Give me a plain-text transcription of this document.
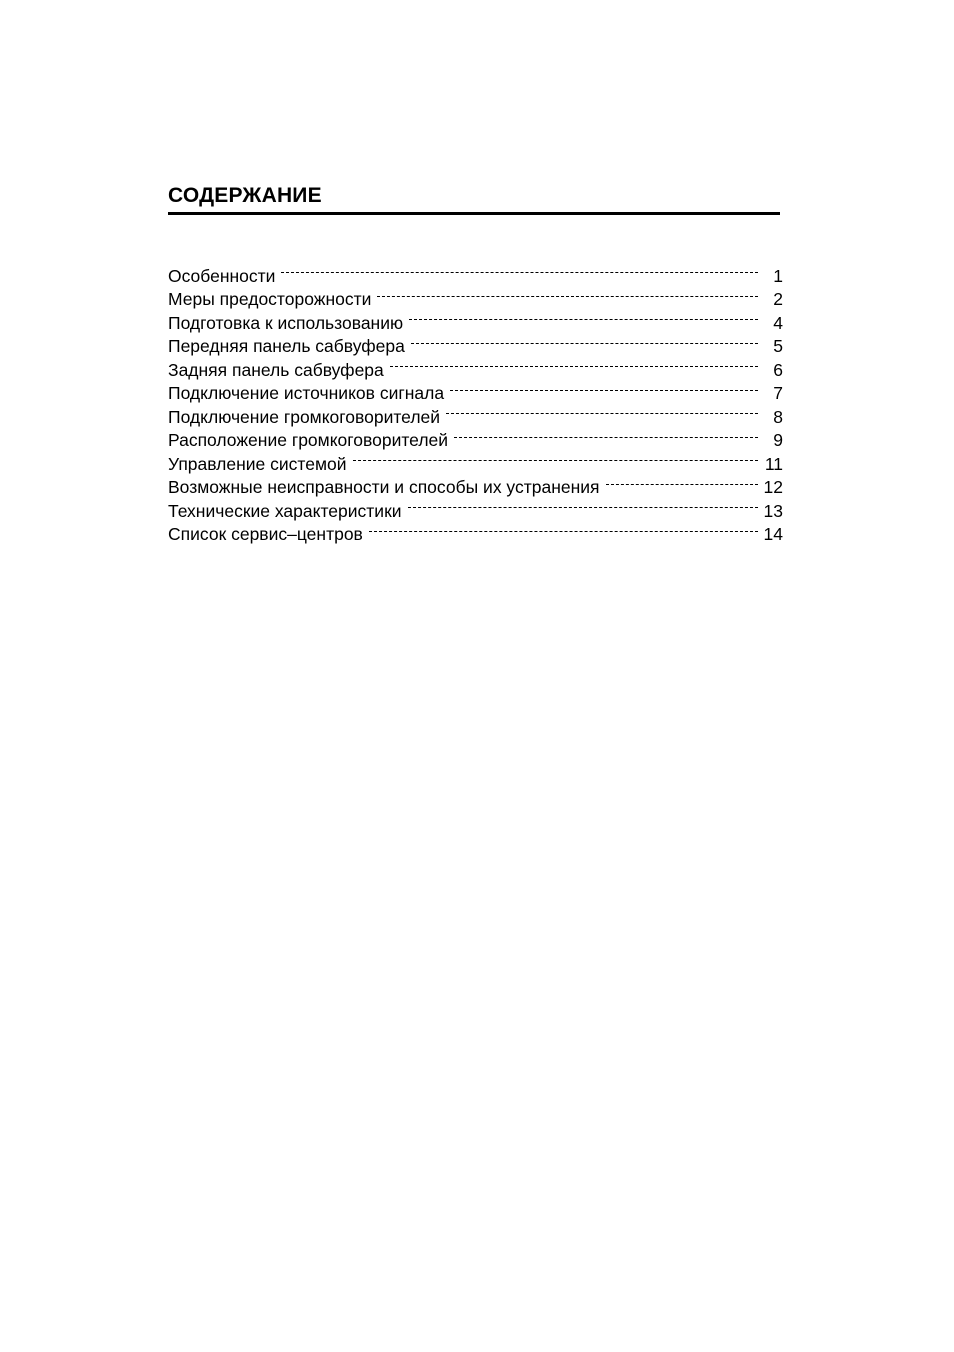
СОДЕРЖАНИЕ
Особенности	1
Меры предосторожности	2
Подготовка к использованию	4
Передняя панель сабвуфера	5
Задняя панель сабвуфера	6
Подключение источников сигнала	7
Подключение громкоговорителей	8
Расположение громкоговорителей	9
Управление системой	11
Возможные неисправности и способы их устранения	12
Технические характеристики	13
Список сервис–центров	14
